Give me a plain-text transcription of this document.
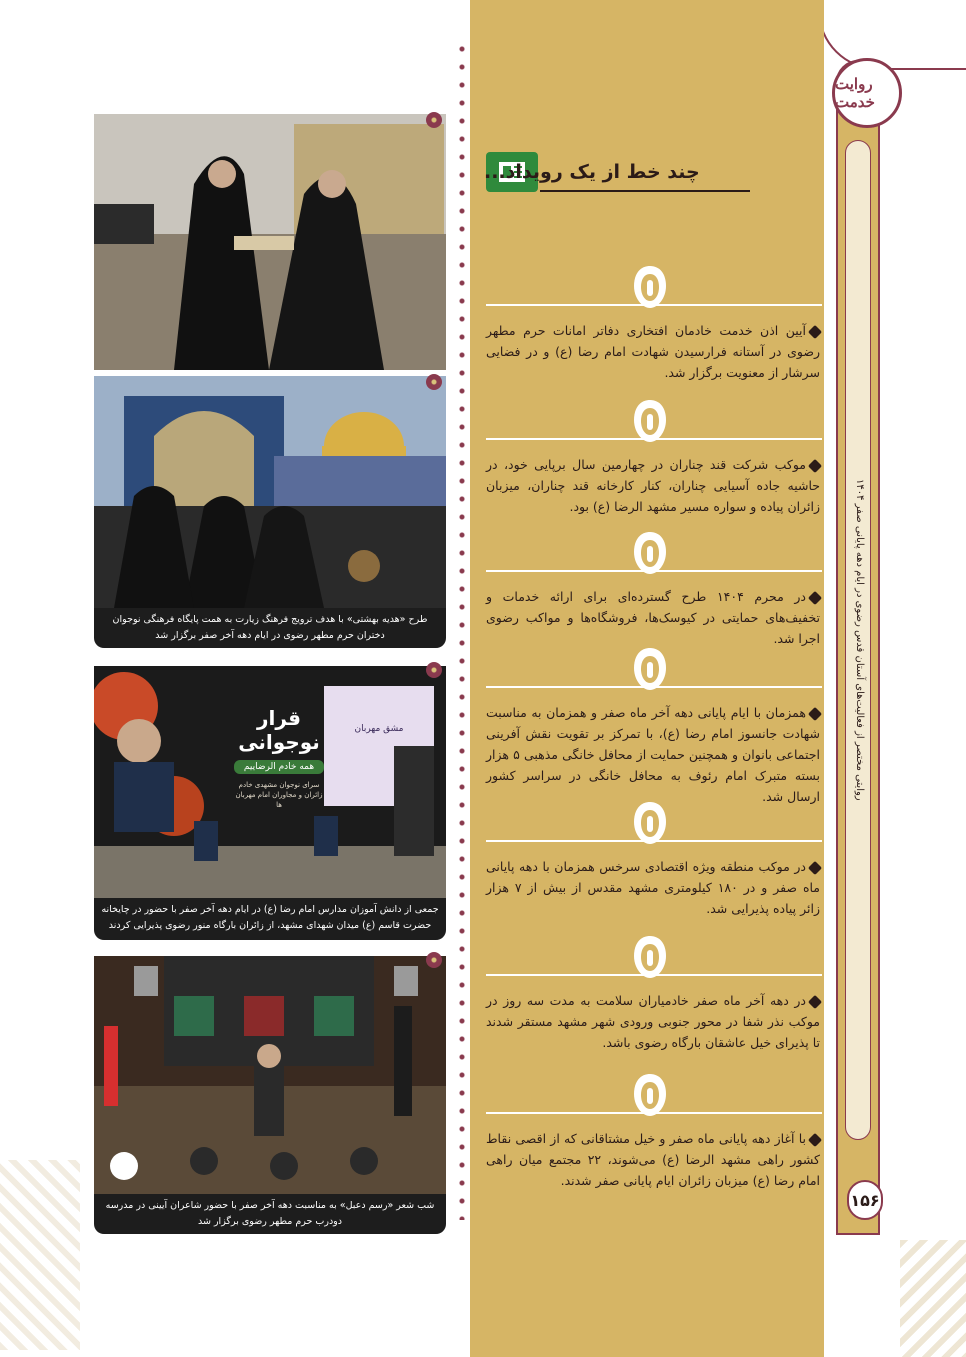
روایتی مختصر از فعالیت‌های آستان قدس رضوی در ایام دهه پایانی صفر ۱۴۰۴
روایت خدمت
۱۵۶
چند خط از یک رویداد...

آیین اذن خدمت خادمان افتخاری دفاتر امانات حرم مطهر رضوی در آستانه فرارسیدن شهادت امام رضا (ع) و در فضایی سرشار از معنویت برگزار شد.

موکب شرکت قند چناران در چهارمین سال برپایی خود، در حاشیه جاده آسیایی چناران، کنار کارخانه قند چناران، میزبان زائران پیاده و سواره مسیر مشهد الرضا (ع) بود.

در محرم ۱۴۰۴ طرح گسترده‌ای برای ارائه خدمات و تخفیف‌های حمایتی در کیوسک‌ها، فروشگاه‌ها و مواکب رضوی اجرا شد.

همزمان با ایام پایانی دهه آخر ماه صفر و همزمان به مناسبت شهادت جانسوز امام رضا (ع)، با تمرکز بر تقویت نقش آفرینی اجتماعی بانوان و همچنین حمایت از محافل خانگی مذهبی ۵ هزار بسته متبرک امام رئوف به محافل خانگی در سراسر کشور ارسال شد.

در موکب منطقه ویژه اقتصادی سرخس همزمان با دهه پایانی ماه صفر و در ۱۸۰ کیلومتری مشهد مقدس از بیش از ۷ هزار زائر پیاده پذیرایی شد.

در دهه آخر ماه صفر خادمیاران سلامت به مدت سه روز در موکب نذر شفا در محور جنوبی ورودی شهر مشهد مستقر شدند تا پذیرای خیل عاشقان بارگاه رضوی باشد.

با آغاز دهه پایانی ماه صفر و خیل مشتاقانی که از اقصی نقاط کشور راهی مشهد الرضا (ع) می‌شوند، ۲۲ مجتمع میان راهی امام رضا (ع) میزبان زائران ایام پایانی صفر شدند.

طرح «هدیه بهشتی» با هدف ترویج فرهنگ زیارت به همت پایگاه فرهنگی نوجوان دختران حرم مطهر رضوی در ایام دهه آخر صفر برگزار شد
قرار
نوجوانی
همه خادم الرضاییم
سرای نوجوان مشهدی خادم زائران و مجاوران امام مهربان ها
مشق مهربان
جمعی از دانش آموزان مدارس امام رضا (ع) در ایام دهه آخر صفر با حضور در چایخانه حضرت قاسم (ع) میدان شهدای مشهد، از زائران بارگاه منور رضوی پذیرایی کردند
شب شعر «رسم دعبل» به مناسبت دهه آخر صفر با حضور شاعران آیینی در مدرسه دودرب حرم مطهر رضوی برگزار شد
